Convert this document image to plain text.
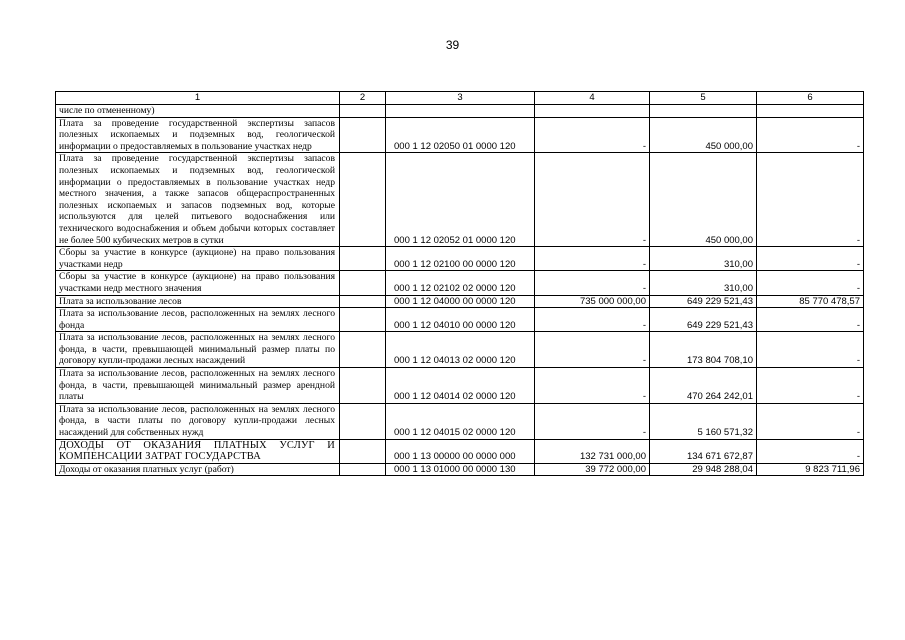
39
1	2	3	4	5	6
числе по отмененному)					
Плата за проведение государственной экспертизы запасов полезных ископаемых и подземных вод, геологической информации о предоставляемых в пользование участках недр		000 1 12 02050 01 0000 120	-	450 000,00	-
Плата за проведение государственной экспертизы запасов полезных ископаемых и подземных вод, геологической информации о предоставляемых в пользование участках недр местного значения, а также запасов общераспространенных полезных ископаемых и запасов подземных вод, которые используются для целей питьевого водоснабжения или технического водоснабжения и объем добычи которых составляет не более 500 кубических метров в сутки		000 1 12 02052 01 0000 120	-	450 000,00	-
Сборы за участие в конкурсе (аукционе) на право пользования участками недр		000 1 12 02100 00 0000 120	-	310,00	-
Сборы за участие в конкурсе (аукционе) на право пользования участками недр местного значения		000 1 12 02102 02 0000 120	-	310,00	-
Плата за использование лесов		000 1 12 04000 00 0000 120	735 000 000,00	649 229 521,43	85 770 478,57
Плата за использование лесов, расположенных на землях лесного фонда		000 1 12 04010 00 0000 120	-	649 229 521,43	-
Плата за использование лесов, расположенных на землях лесного фонда, в части, превышающей минимальный размер платы по договору купли-продажи лесных насаждений		000 1 12 04013 02 0000 120	-	173 804 708,10	-
Плата за использование лесов, расположенных на землях лесного фонда, в части, превышающей минимальный размер арендной платы		000 1 12 04014 02 0000 120	-	470 264 242,01	-
Плата за использование лесов, расположенных на землях лесного фонда, в части платы по договору купли-продажи лесных насаждений для собственных нужд		000 1 12 04015 02 0000 120	-	5 160 571,32	-
ДОХОДЫ ОТ ОКАЗАНИЯ ПЛАТНЫХ УСЛУГ И КОМПЕНСАЦИИ ЗАТРАТ ГОСУДАРСТВА		000 1 13 00000 00 0000 000	132 731 000,00	134 671 672,87	-
Доходы от оказания платных услуг (работ)		000 1 13 01000 00 0000 130	39 772 000,00	29 948 288,04	9 823 711,96
